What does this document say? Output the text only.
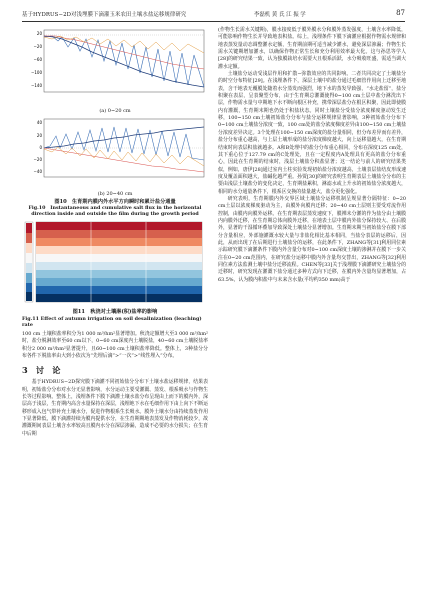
基于HYDRUS−2D对浅埋膜下滴灌玉米农田土壤水盐运移规律研究	李磊机 黄 氏 江 振 学	87
20
−20
−60
−100
−140
(a) 0~20 cm
40
20
0
−20
−40
(b) 20~40 cm
图10　生育期内膜内外水平方向瞬时和累计盐分通量
Fig.10　Instantaneous and cumulative salt flux in the horizontal direction inside and outside the film during the growth period
图11　秋浇对土壤淋(积)盐率的影响
Fig.11 Effect of autumn irrigation on soil desalinization (leaching) rate

100 cm 土壤积盐率积分为1 000 m³/hm²显著增加。秋浇定额增大至3 000 m³/hm²时，盐分脱淋效率至60 cm以下，0~60 cm深度内土壤脱盐，40~60 cm土壤脱盐率积分2 000 m³/hm²显著提升，且60~100 cm土壤积盐率降低。整体上，3种盐分分布各件下脱盐率由大到小依次为“先埋后滴”>“一次”>“线性埋入”分布。

3　讨　论

基于HYDRUS−2D探究膜下滴灌不同初始盐分分布下土壤水盐运移规律，结果表明，初始盐分分布对水分无显著影响，水分运动主要受灌溉、蒸发、根系吸水与作物生长等过程影响。整体上，浅埋条件下膜下滴灌土壤水盐分布呈现由上而下的膜内外，深层高于浅层，生育期内高含水量保持在深层，浅埋地下水在毛细作用下由上向下不断运移形成入包气带补充土壤水分，促进作物根系生长吸水。膜外土壤水分由持续蒸发作用下显著降低，膜下滴灌持续为膜内提供水分，在生育期期地表蒸发及作物消耗较少，故灌溉期间表层土壤含水率较高且膜内水分在深层渗漏，造成不必要的水分损失；在生育中后期

(作物生长需水关键期)，膜水接度低于膜外膜水分和膜外蒸发强度，土壤含水率降低，可能影响作物生长并导致地表积盐。综上，浅埋条件下膜下滴灌应根据作物需水规律和地表蒸发量动态调整灌水定额，生育期前期可适当减少灌水，避免深层渗漏；作物生长需水关键期增加灌水，以确保作物正常生长和充分利用效率最大化。这与孙思等学人[28]的研究结果一致，认为独膜栽培水需要大且根系活跃，水分吸收旺盛，需适当调大灌水定额。

土壤盐分运动受浅层作用和扩散−弥散效应的共同影响。二者共同决定了土壤盐分的时空分布特征[29]。在浅埋条件下，深层土壤中的盐分通过毛细管作用向上迁移至地表，含干地表无覆膜处随着水分蒸发而强烈，地下水的蒸发导致强，“水走盐留”，盐分积聚在表层，呈表聚型分布，由于生育期总灌溉使得0~100 cm土层中盐分淋洗出下层，作物需水量与中期地下水不断向根区补充，携带深层盐分在根区积聚，因此即使膜内有灌溉，生育期末期也仍处于积盐状态。同时土壤盐分受盐分浓度梯度驱动发生迁移，100~150 cm土壤初始盐分分布与盐分运移规律显著影响，3种初始盐分分布下0~100 cm土壤盐分浓度一致，100 cm处的盐分浓度梯度差异由100~150 cm土壤盐分浓度差异决定。3个处理在100~150 cm深度的盐分量相同，但分布差异而有差异，盐分分布重心越高，与上层土壤形成的盐分浓度梯度越大，向上运移量越大，在生育期结束时向表层积盐就越多。A和B处理中的盐分分布重心相同，分布在深度125 cm处，其下重心位于127.79 cm的C处理处，且在一定程度内A处理具有更高的盐分分布重心，因此在生育期的结束时，浅层土壤盐分积盐显著；这一结论与前人的研究结果类似，例如，唐伊[28]通过室内土柱实验发现初始盐分浓度越高，土壤表层盐结皮形成速度及覆盖面积越大，盐碱化越严重。孙贾[30]的研究表明生育期表层土壤盐分分布的主要由浅层土壤盐分的变化决定，生育期盐累积，淋滤水或上升水的初始盐分浓度越大，相同的水分通量条件下，根系区交换的盐量越大，盐分更化强化。

研究表明，生育期膜内外交界区域土壤盐分运移机制呈规显著分隔特征：0~20 cm土层以浓度梯度驱动为主，由膜外向膜内迁移；20~40 cm土层则主要受对流作用控制，由膜内向膜外运移。在生育期表层蒸发速度下，膜裸未分灌的作为盐分由土壤膜内向膜外迁移，在生育期总体向膜外迁移，在地表土层中膜内外盐分保持较大、在后膜外，显著的干湿循环叠加导致深处土壤盐分显著增加。生育期末期当初始盐分在膜下部分含量相应，外部施灌溉水较大量与非盐化相比基本相同，当盐分表层的运移后，因此，从而出现了在后期进行土壤盐分的运移，在此条件下，ZHANG等[31]利用同位素示踪研究膜下滴灌条件下膜内外含量分布对0~100 cm深度土壤的渗淋并在膜下一步关注在0~20 cm范围内，在研究盐分运移中膜内外含量均交替出，ZHANG等[32]利用同位素方法监测土壤中盐分迁移流程。CHEN等[33]关于浅埋膜下滴灌研究土壤盐分的迁移时，研究发现在灌溉下盐分通过多种方式向下迁移，在膜内外含量均显著增加，占63.5%，认为膜内积盐中与未来含水量(平均约350 mm)高于
